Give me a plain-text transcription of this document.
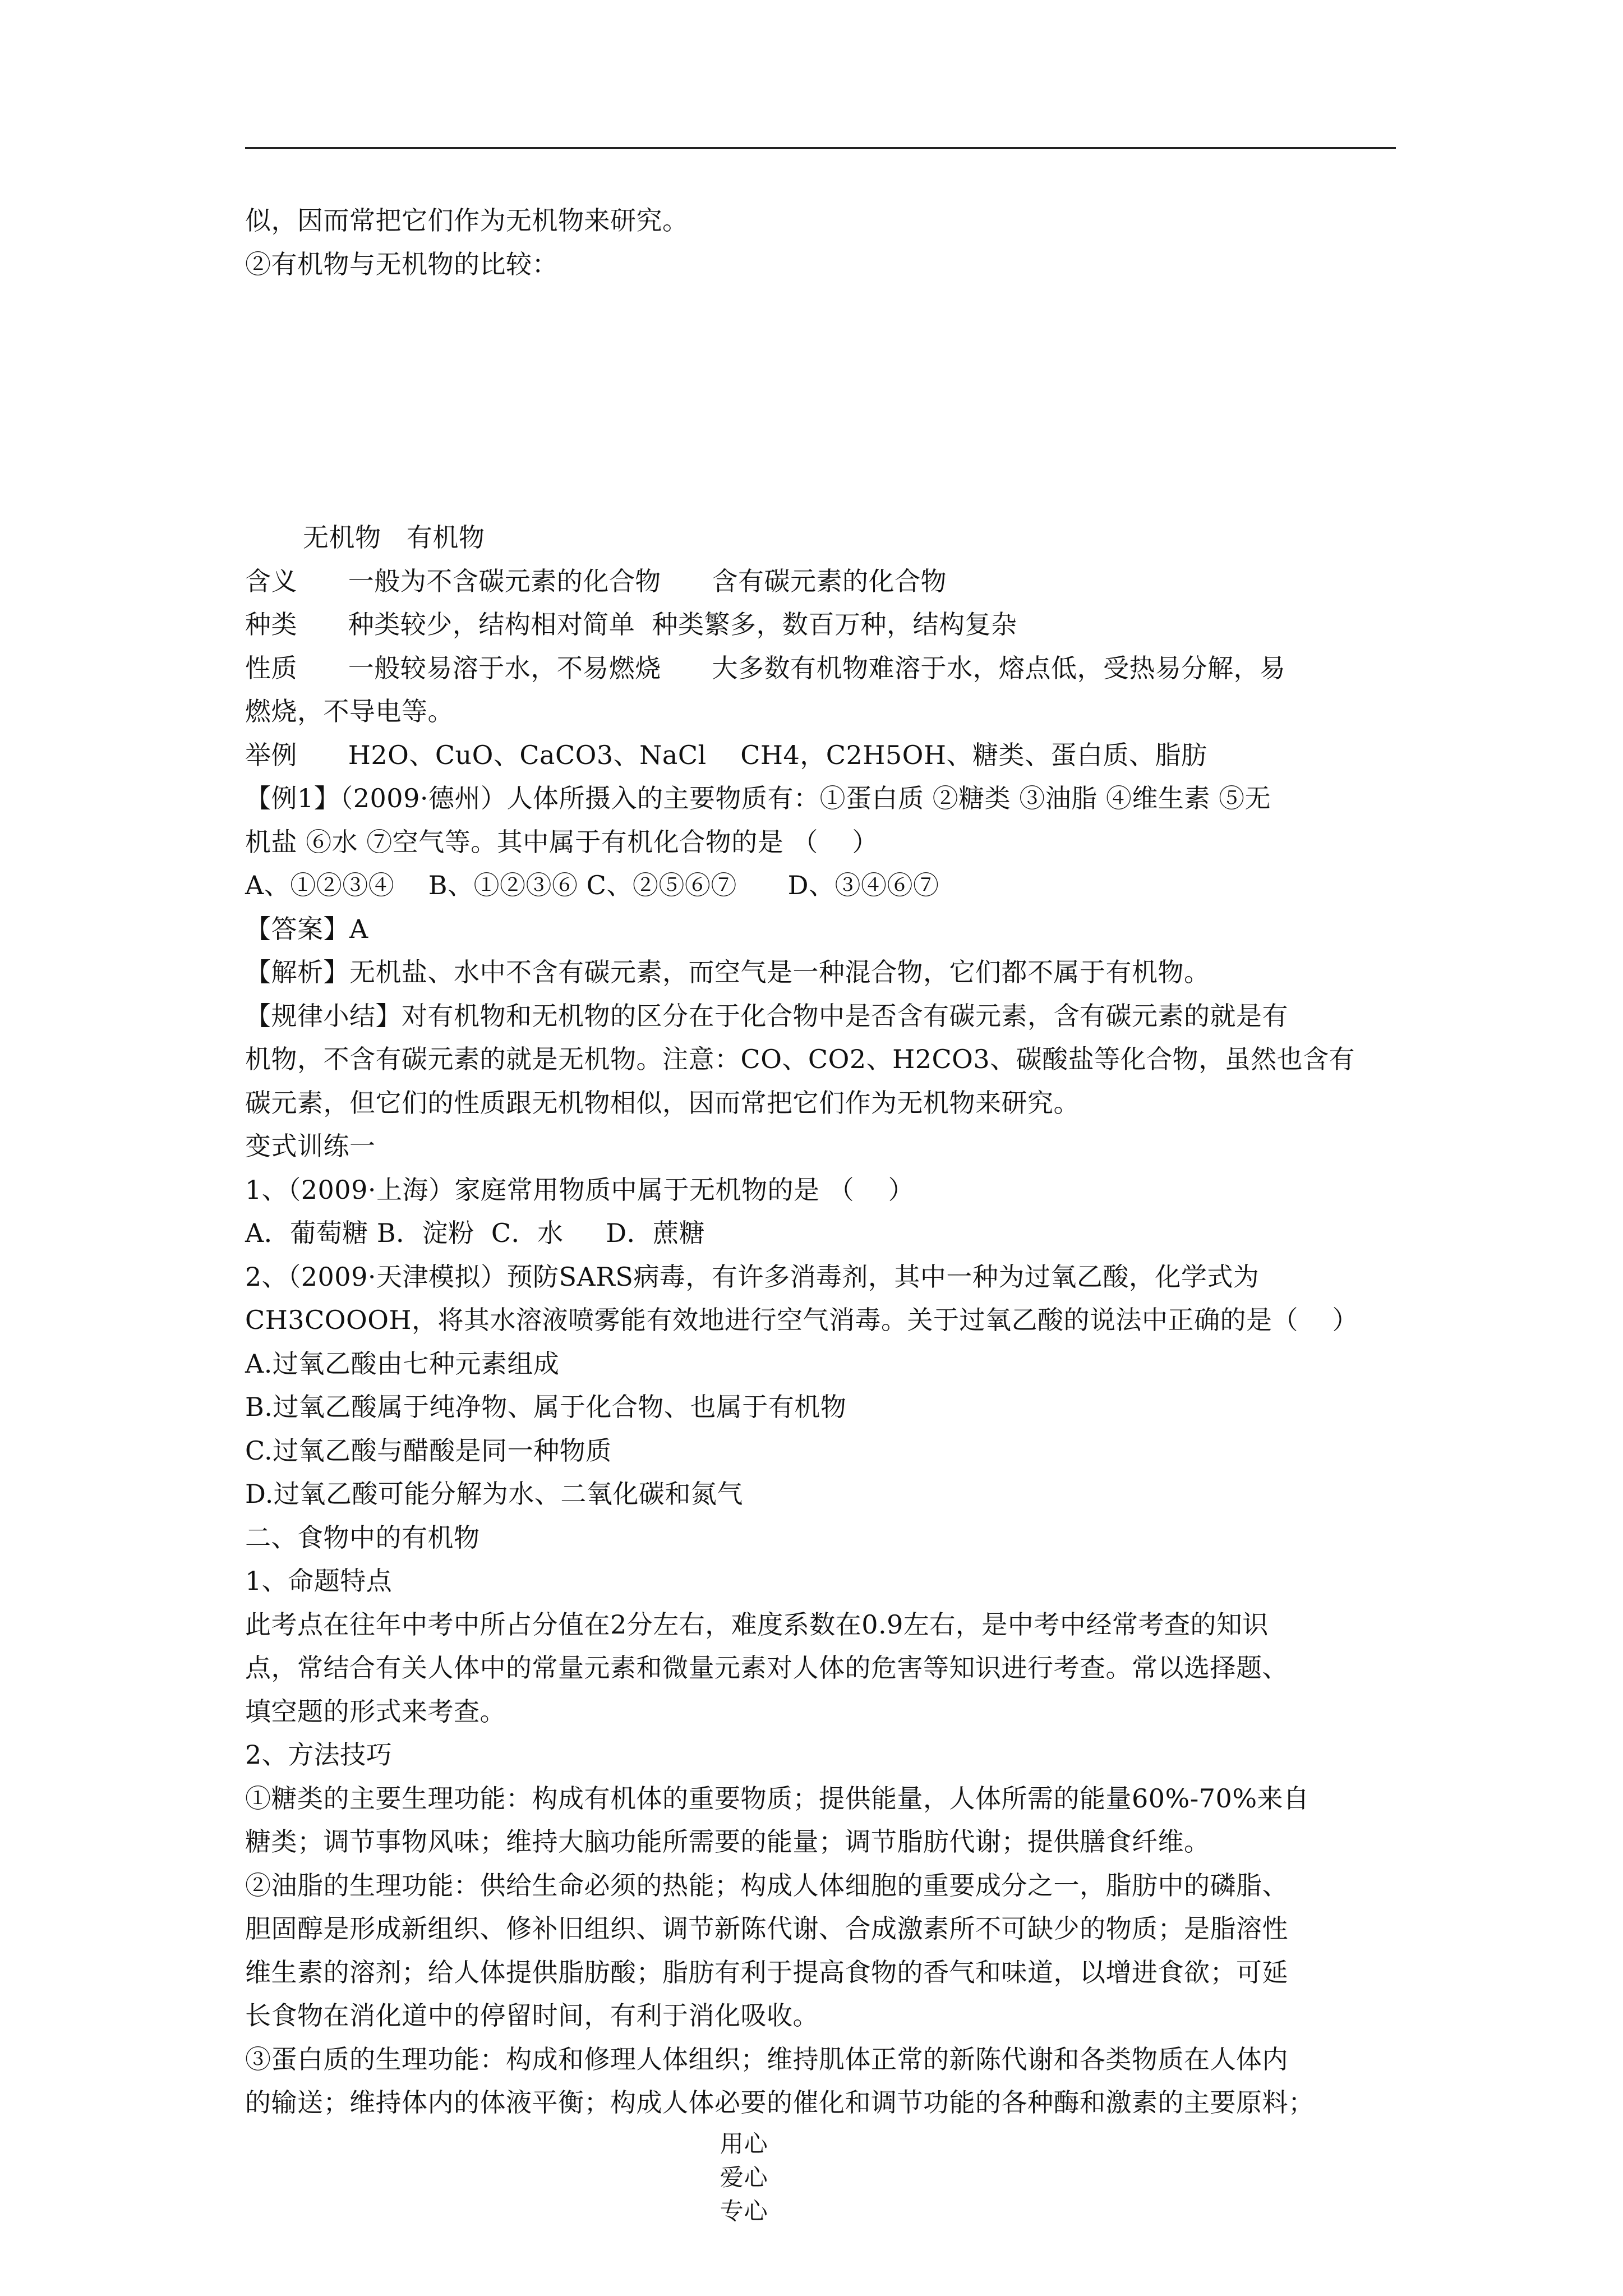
似，因而常把它们作为无机物来研究。
②有机物与无机物的比较：
无机物   有机物
含义      一般为不含碳元素的化合物      含有碳元素的化合物
种类      种类较少，结构相对简单  种类繁多，数百万种，结构复杂
性质      一般较易溶于水，不易燃烧      大多数有机物难溶于水，熔点低，受热易分解，易
燃烧，不导电等。
举例      H2O、CuO、CaCO3、NaCl    CH4，C2H5OH、糖类、蛋白质、脂肪
【例1】（2009·德州）人体所摄入的主要物质有：①蛋白质 ②糖类 ③油脂 ④维生素 ⑤无
机盐 ⑥水 ⑦空气等。其中属于有机化合物的是 （    ）
A、①②③④    B、①②③⑥ C、②⑤⑥⑦      D、③④⑥⑦
【答案】A
【解析】无机盐、水中不含有碳元素，而空气是一种混合物，它们都不属于有机物。
【规律小结】对有机物和无机物的区分在于化合物中是否含有碳元素，含有碳元素的就是有
机物，不含有碳元素的就是无机物。注意：CO、CO2、H2CO3、碳酸盐等化合物，虽然也含有
碳元素，但它们的性质跟无机物相似，因而常把它们作为无机物来研究。
变式训练一
1、（2009·上海）家庭常用物质中属于无机物的是 （    ）
A．葡萄糖 B．淀粉  C．水     D．蔗糖
2、（2009·天津模拟）预防SARS病毒，有许多消毒剂，其中一种为过氧乙酸，化学式为
CH3COOOH，将其水溶液喷雾能有效地进行空气消毒。关于过氧乙酸的说法中正确的是（    ）
A.过氧乙酸由七种元素组成
B.过氧乙酸属于纯净物、属于化合物、也属于有机物
C.过氧乙酸与醋酸是同一种物质
D.过氧乙酸可能分解为水、二氧化碳和氮气
二、食物中的有机物
1、命题特点
此考点在往年中考中所占分值在2分左右，难度系数在0.9左右，是中考中经常考查的知识
点，常结合有关人体中的常量元素和微量元素对人体的危害等知识进行考查。常以选择题、
填空题的形式来考查。
2、方法技巧
①糖类的主要生理功能：构成有机体的重要物质；提供能量，人体所需的能量60%-70%来自
糖类；调节事物风味；维持大脑功能所需要的能量；调节脂肪代谢；提供膳食纤维。
②油脂的生理功能：供给生命必须的热能；构成人体细胞的重要成分之一，脂肪中的磷脂、
胆固醇是形成新组织、修补旧组织、调节新陈代谢、合成激素所不可缺少的物质；是脂溶性
维生素的溶剂；给人体提供脂肪酸；脂肪有利于提高食物的香气和味道，以增进食欲；可延
长食物在消化道中的停留时间，有利于消化吸收。
③蛋白质的生理功能：构成和修理人体组织；维持肌体正常的新陈代谢和各类物质在人体内
的输送；维持体内的体液平衡；构成人体必要的催化和调节功能的各种酶和激素的主要原料；

用心
爱心
专心
